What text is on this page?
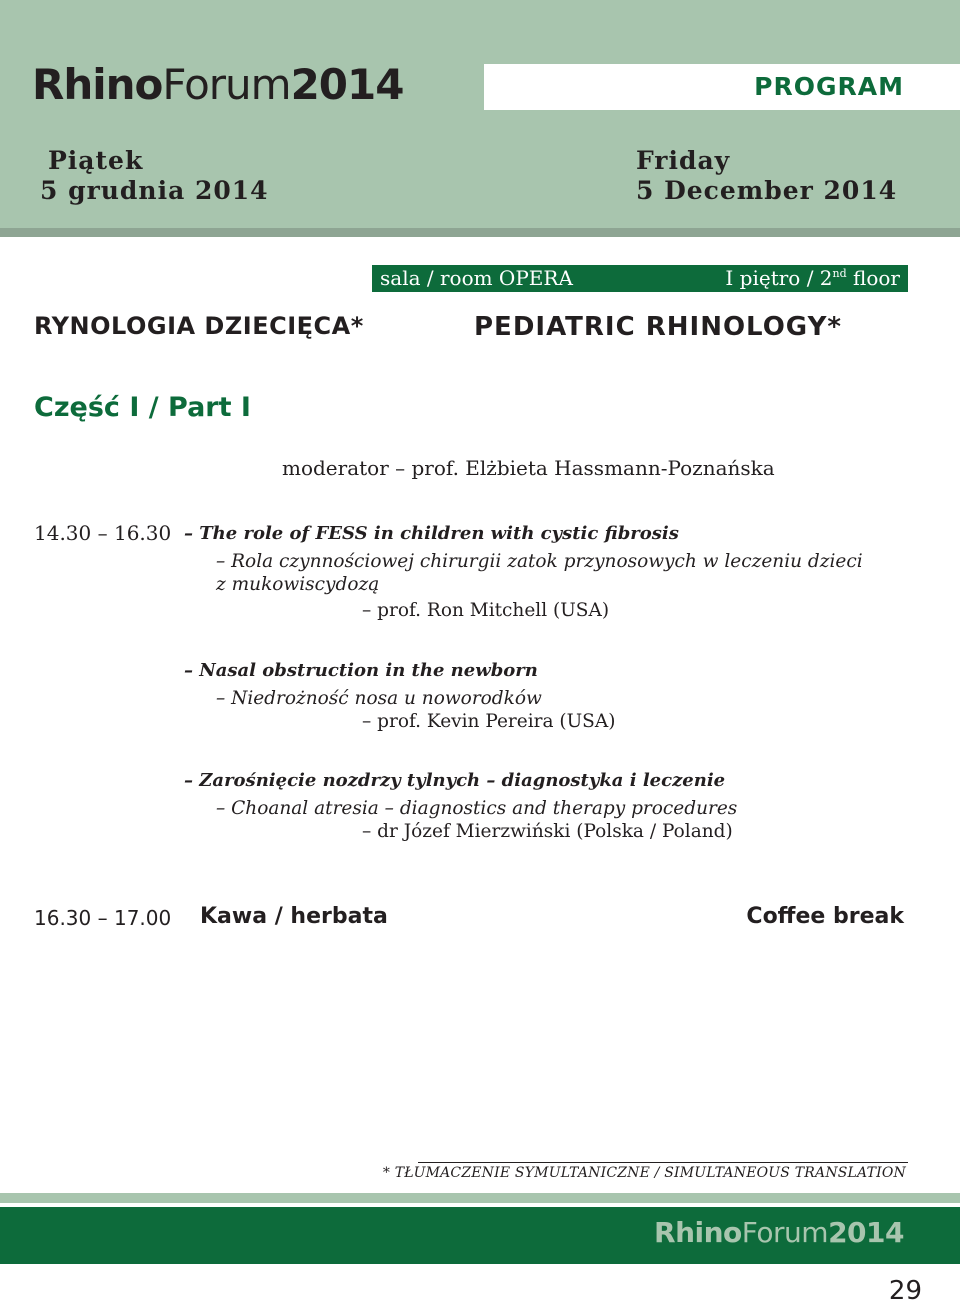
RhinoForum2014	PROGRAM
Piątek
5 grudnia 2014
Friday
5 December 2014
sala / room OPERA	I piętro / 2nd floor
RYNOLOGIA DZIECIĘCA*	PEDIATRIC RHINOLOGY*
Część I / Part I
moderator – prof. Elżbieta Hassmann-Poznańska
14.30 – 16.30 – The role of FESS in children with cystic fibrosis
– Rola czynnościowej chirurgii zatok przynosowych w leczeniu dzieci z mukowiscydozą
– prof. Ron Mitchell (USA)
– Nasal obstruction in the newborn
– Niedrożność nosa u noworodków
– prof. Kevin Pereira (USA)
– Zarośnięcie nozdrzy tylnych – diagnostyka i leczenie
– Choanal atresia – diagnostics and therapy procedures
– dr Józef Mierzwiński (Polska / Poland)
16.30 – 17.00 Kawa / herbata	Coffee break
* TŁUMACZENIE SYMULTANICZNE / SIMULTANEOUS TRANSLATION
RhinoForum2014
29
